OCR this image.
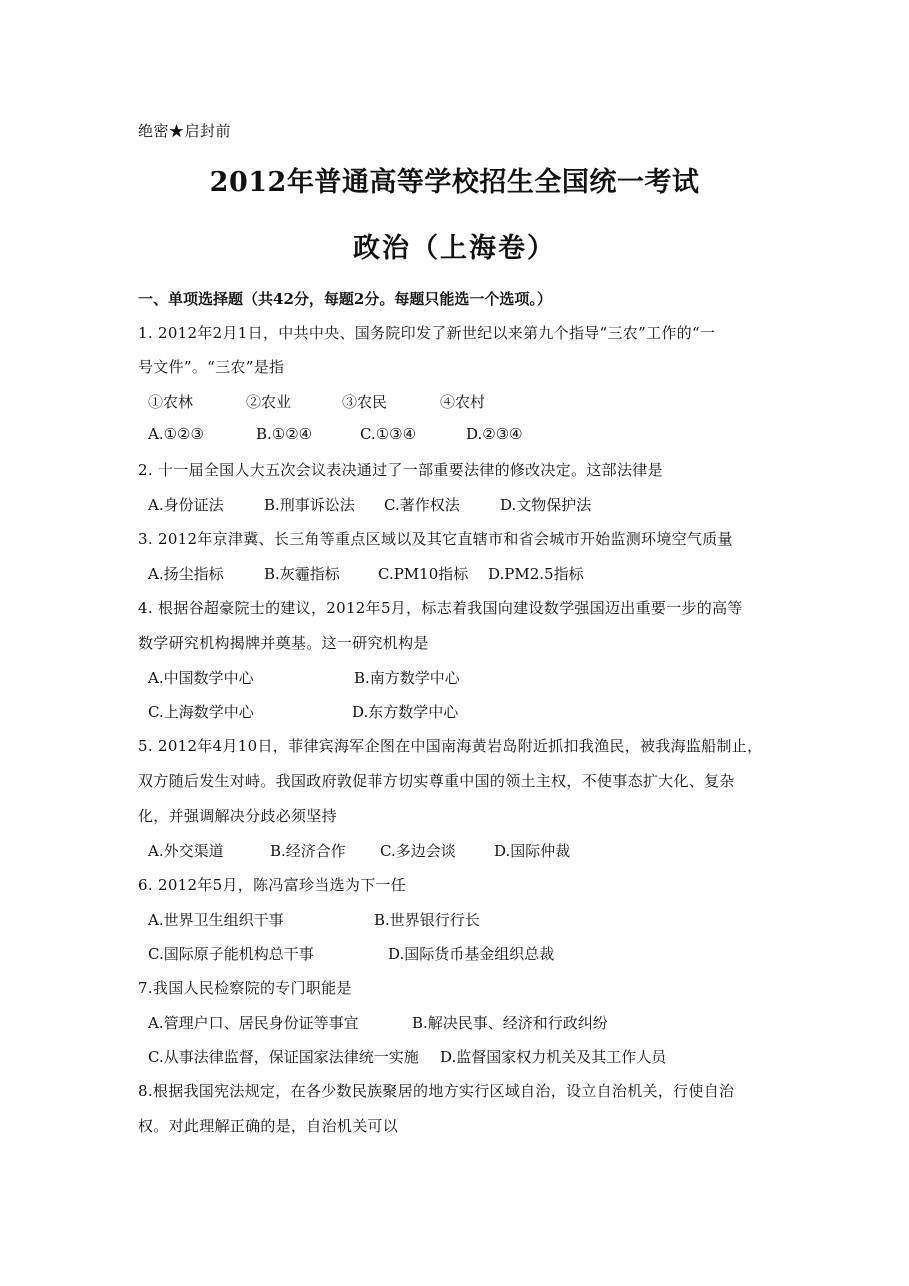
绝密★启封前
2012年普通高等学校招生全国统一考试
政治（上海卷）
一、单项选择题（共42分，每题2分。每题只能选一个选项。）
1. 2012年2月1日，中共中央、国务院印发了新世纪以来第九个指导“三农”工作的“一
号文件”。“三农”是指
①农林	②农业	③农民	④农村
A.①②③	B.①②④	C.①③④	D.②③④
2. 十一届全国人大五次会议表决通过了一部重要法律的修改决定。这部法律是
A.身份证法	B.刑事诉讼法 C.著作权法	D.文物保护法
3. 2012年京津冀、长三角等重点区域以及其它直辖市和省会城市开始监测环境空气质量
A.扬尘指标	B.灰霾指标	C.PM10指标 D.PM2.5指标
4. 根据谷超豪院士的建议，2012年5月，标志着我国向建设数学强国迈出重要一步的高等
数学研究机构揭牌并奠基。这一研究机构是
A.中国数学中心	B.南方数学中心
C.上海数学中心	D.东方数学中心
5. 2012年4月10日，菲律宾海军企图在中国南海黄岩岛附近抓扣我渔民，被我海监船制止，
双方随后发生对峙。我国政府敦促菲方切实尊重中国的领土主权，不使事态扩大化、复杂
化，并强调解决分歧必须坚持
A.外交渠道	B.经济合作 C.多边会谈	D.国际仲裁
6. 2012年5月，陈冯富珍当选为下一任
A.世界卫生组织干事	B.世界银行行长
C.国际原子能机构总干事	D.国际货币基金组织总裁
7.我国人民检察院的专门职能是
A.管理户口、居民身份证等事宜	B.解决民事、经济和行政纠纷
C.从事法律监督，保证国家法律统一实施 D.监督国家权力机关及其工作人员
8.根据我国宪法规定，在各少数民族聚居的地方实行区域自治，设立自治机关，行使自治
权。对此理解正确的是，自治机关可以
